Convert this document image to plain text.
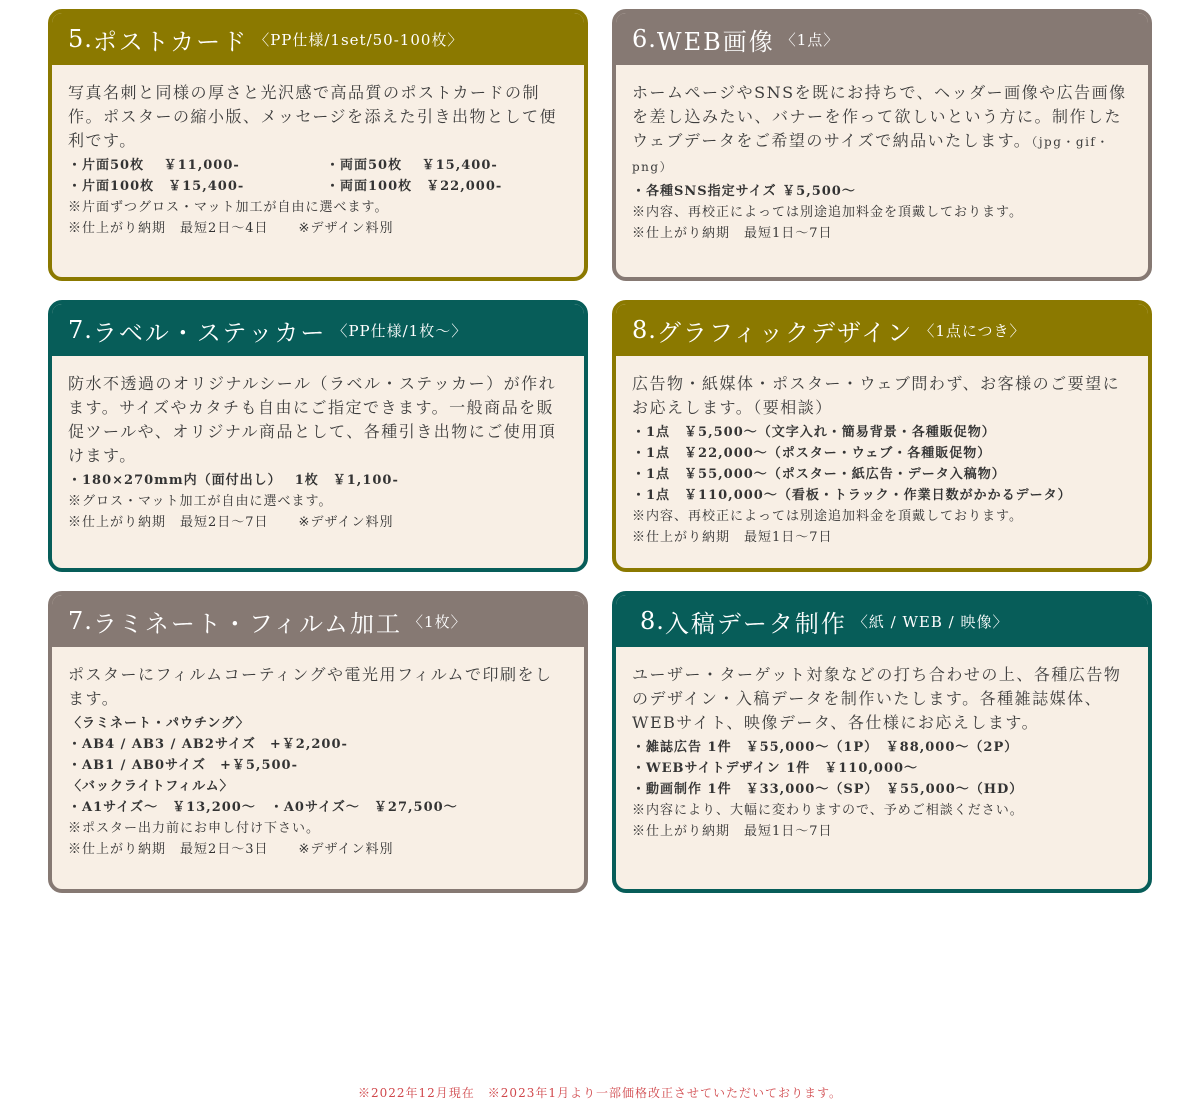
5. ポストカード 〈PP仕様/1set/50-100枚〉

写真名刺と同様の厚さと光沢感で高品質のポストカードの制作。ポスターの縮小版、メッセージを添えた引き出物として便利です。

・片面50枚　 ￥11,000-	・両面50枚　 ￥15,400-
・片面100枚　￥15,400-	・両面100枚　￥22,000-
※片面ずつグロス・マット加工が自由に選べます。
※仕上がり納期　最短2日～4日 ※デザイン料別
6. WEB画像 〈1点〉

ホームページやSNSを既にお持ちで、ヘッダー画像や広告画像を差し込みたい、バナーを作って欲しいという方に。制作したウェブデータをご希望のサイズで納品いたします。（jpg・gif・png）

・各種SNS指定サイズ ￥5,500～
※内容、再校正によっては別途追加料金を頂戴しております。
※仕上がり納期　最短1日～7日
7. ラベル・ステッカー 〈PP仕様/1枚～〉

防水不透過のオリジナルシール（ラベル・ステッカー）が作れます。サイズやカタチも自由にご指定できます。一般商品を販促ツールや、オリジナル商品として、各種引き出物にご使用頂けます。

・180×270mm内（面付出し）　 1枚　￥1,100-
※グロス・マット加工が自由に選べます。
※仕上がり納期　最短2日～7日 ※デザイン料別
8. グラフィックデザイン 〈1点につき〉

広告物・紙媒体・ポスター・ウェブ問わず、お客様のご要望にお応えします。（要相談）

・1点　￥5,500～（文字入れ・簡易背景・各種販促物）
・1点　￥22,000～（ポスター・ウェブ・各種販促物）
・1点　￥55,000～（ポスター・紙広告・データ入稿物）
・1点　￥110,000～（看板・トラック・作業日数がかかるデータ）
※内容、再校正によっては別途追加料金を頂戴しております。
※仕上がり納期　最短1日～7日
7. ラミネート・フィルム加工 〈1枚〉

ポスターにフィルムコーティングや電光用フィルムで印刷をします。

〈ラミネート・パウチング〉
・AB4 / AB3 / AB2サイズ　+￥2,200-
・AB1 / AB0サイズ　+￥5,500-
〈バックライトフィルム〉
・A1サイズ～　￥13,200～　・A0サイズ～　￥27,500～
※ポスター出力前にお申し付け下さい。
※仕上がり納期　最短2日～3日 ※デザイン料別
8. 入稿データ制作 〈紙 / WEB / 映像〉

ユーザー・ターゲット対象などの打ち合わせの上、各種広告物のデザイン・入稿データを制作いたします。各種雑誌媒体、WEBサイト、映像データ、各仕様にお応えします。

・雑誌広告 1件　￥55,000～（1P）　￥88,000～（2P）
・WEBサイトデザイン 1件　￥110,000～
・動画制作 1件　￥33,000～（SP）　￥55,000～（HD）
※内容により、大幅に変わりますので、予めご相談ください。
※仕上がり納期　最短1日～7日
※2022年12月現在　※2023年1月より一部価格改正させていただいております。
